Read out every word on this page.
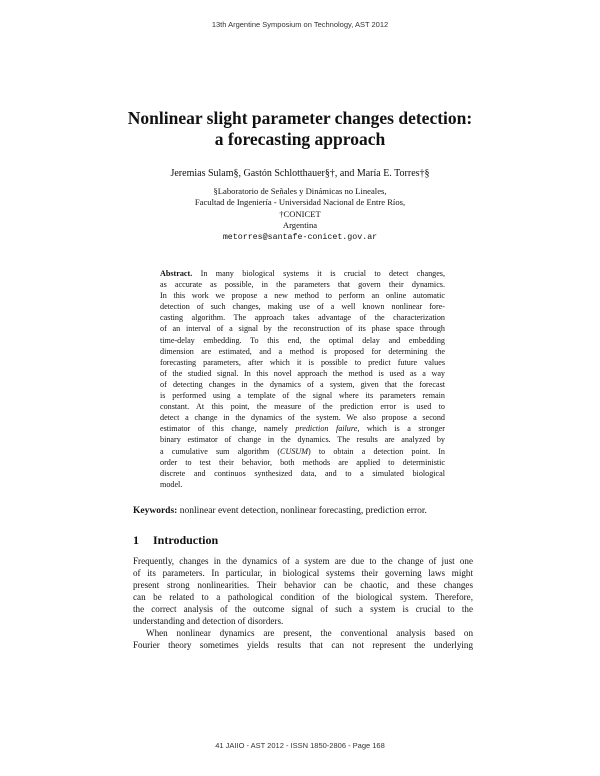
13th Argentine Symposium on Technology, AST 2012
Nonlinear slight parameter changes detection:
a forecasting approach
Jeremias Sulam§, Gastón Schlotthauer§†, and María E. Torres†§
§Laboratorio de Señales y Dinámicas no Lineales,
Facultad de Ingeniería - Universidad Nacional de Entre Ríos,
†CONICET
Argentina
metorres@santafe-conicet.gov.ar
Abstract. In many biological systems it is crucial to detect changes,
as accurate as possible, in the parameters that govern their dynamics.
In this work we propose a new method to perform an online automatic
detection of such changes, making use of a well known nonlinear fore-
casting algorithm. The approach takes advantage of the characterization
of an interval of a signal by the reconstruction of its phase space through
time-delay embedding. To this end, the optimal delay and embedding
dimension are estimated, and a method is proposed for determining the
forecasting parameters, after which it is possible to predict future values
of the studied signal. In this novel approach the method is used as a way
of detecting changes in the dynamics of a system, given that the forecast
is performed using a template of the signal where its parameters remain
constant. At this point, the measure of the prediction error is used to
detect a change in the dynamics of the system. We also propose a second
estimator of this change, namely prediction failure, which is a stronger
binary estimator of change in the dynamics. The results are analyzed by
a cumulative sum algorithm (CUSUM) to obtain a detection point. In
order to test their behavior, both methods are applied to deterministic
discrete and continuos synthesized data, and to a simulated biological
model.
Keywords: nonlinear event detection, nonlinear forecasting, prediction error.
1 Introduction
Frequently, changes in the dynamics of a system are due to the change of just one
of its parameters. In particular, in biological systems their governing laws might
present strong nonlinearities. Their behavior can be chaotic, and these changes
can be related to a pathological condition of the biological system. Therefore,
the correct analysis of the outcome signal of such a system is crucial to the
understanding and detection of disorders.
When nonlinear dynamics are present, the conventional analysis based on
Fourier theory sometimes yields results that can not represent the underlying
41 JAIIO - AST 2012 - ISSN 1850-2806 - Page 168
